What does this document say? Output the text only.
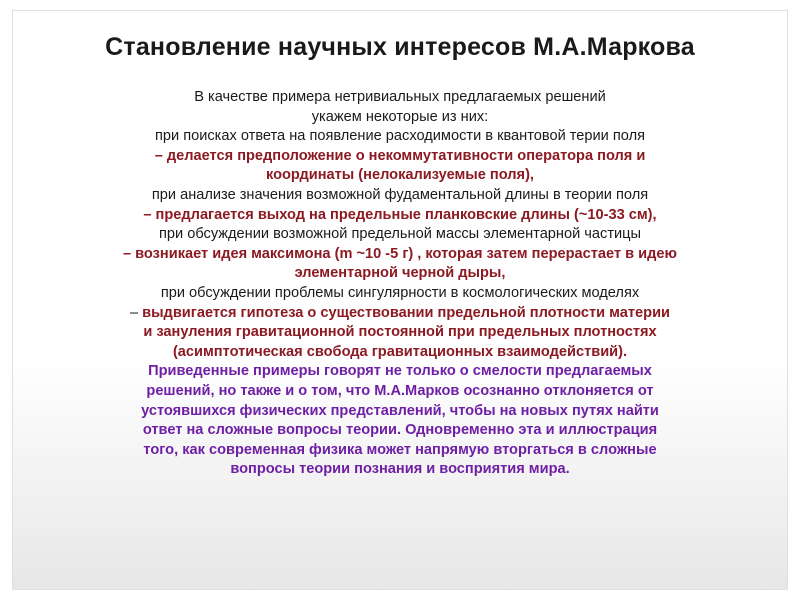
Становление научных интересов М.А.Маркова
В качестве примера нетривиальных предлагаемых решений
укажем некоторые из них:
при поисках ответа на появление расходимости в квантовой терии поля
– делается предположение о некоммутативности оператора поля и
координаты (нелокализуемые поля),
при анализе значения возможной фудаментальной длины в теории поля
– предлагается выход на предельные планковские длины (~10-33 см),
при обсуждении возможной предельной массы элементарной частицы
– возникает идея максимона (m ~10 -5 г) , которая затем перерастает в идею
элементарной черной дыры,
при обсуждении проблемы сингулярности в космологических моделях
– выдвигается гипотеза о существовании предельной плотности материи
и зануления гравитационной постоянной при предельных плотностях
(асимптотическая свобода гравитационных взаимодействий).
Приведенные примеры говорят не только о смелости предлагаемых
решений, но также и о том, что М.А.Марков осознанно отклоняется от
устоявшихся физических представлений, чтобы на новых путях найти
ответ на сложные вопросы теории. Одновременно эта и иллюстрация
того, как современная физика может напрямую вторгаться в сложные
вопросы теории познания и восприятия мира.
